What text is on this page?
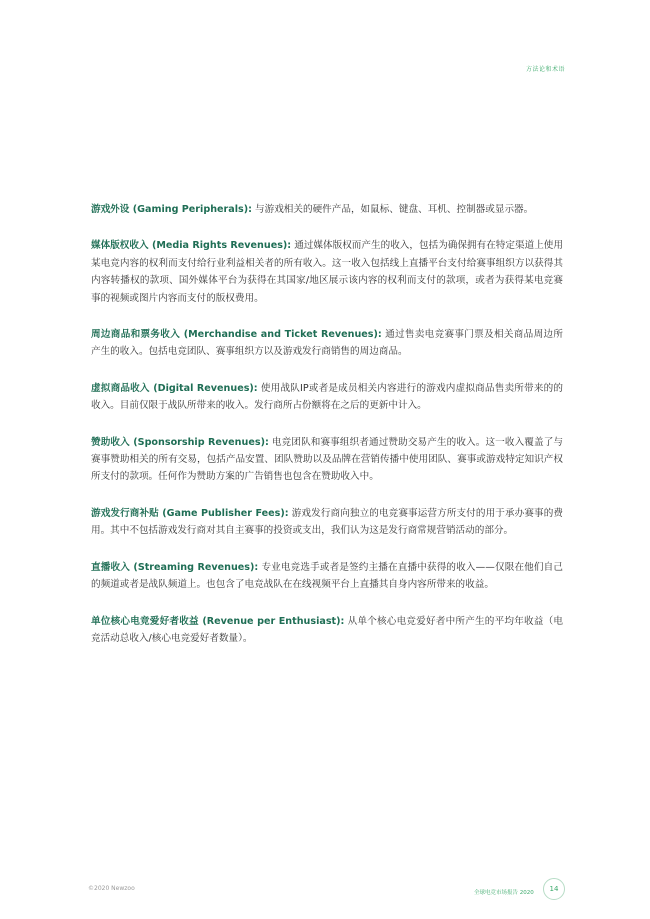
方法论和术语

游戏外设 (Gaming Peripherals): 与游戏相关的硬件产品，如鼠标、键盘、耳机、控制器或显示器。

媒体版权收入 (Media Rights Revenues): 通过媒体版权而产生的收入，包括为确保拥有在特定渠道上使用某电竞内容的权利而支付给行业利益相关者的所有收入。这一收入包括线上直播平台支付给赛事组织方以获得其内容转播权的款项、国外媒体平台为获得在其国家/地区展示该内容的权利而支付的款项，或者为获得某电竞赛事的视频或图片内容而支付的版权费用。

周边商品和票务收入 (Merchandise and Ticket Revenues): 通过售卖电竞赛事门票及相关商品周边所产生的收入。包括电竞团队、赛事组织方以及游戏发行商销售的周边商品。

虚拟商品收入 (Digital Revenues): 使用战队IP或者是成员相关内容进行的游戏内虚拟商品售卖所带来的的收入。目前仅限于战队所带来的收入。发行商所占份额将在之后的更新中计入。

赞助收入 (Sponsorship Revenues): 电竞团队和赛事组织者通过赞助交易产生的收入。这一收入覆盖了与赛事赞助相关的所有交易，包括产品安置、团队赞助以及品牌在营销传播中使用团队、赛事或游戏特定知识产权所支付的款项。任何作为赞助方案的广告销售也包含在赞助收入中。

游戏发行商补贴 (Game Publisher Fees): 游戏发行商向独立的电竞赛事运营方所支付的用于承办赛事的费用。其中不包括游戏发行商对其自主赛事的投资或支出，我们认为这是发行商常规营销活动的部分。

直播收入 (Streaming Revenues): 专业电竞选手或者是签约主播在直播中获得的收入——仅限在他们自己的频道或者是战队频道上。也包含了电竞战队在在线视频平台上直播其自身内容所带来的收益。

单位核心电竞爱好者收益 (Revenue per Enthusiast): 从单个核心电竞爱好者中所产生的平均年收益（电竞活动总收入/核心电竞爱好者数量）。

©2020 Newzoo
全球电竞市场报告 2020	14
